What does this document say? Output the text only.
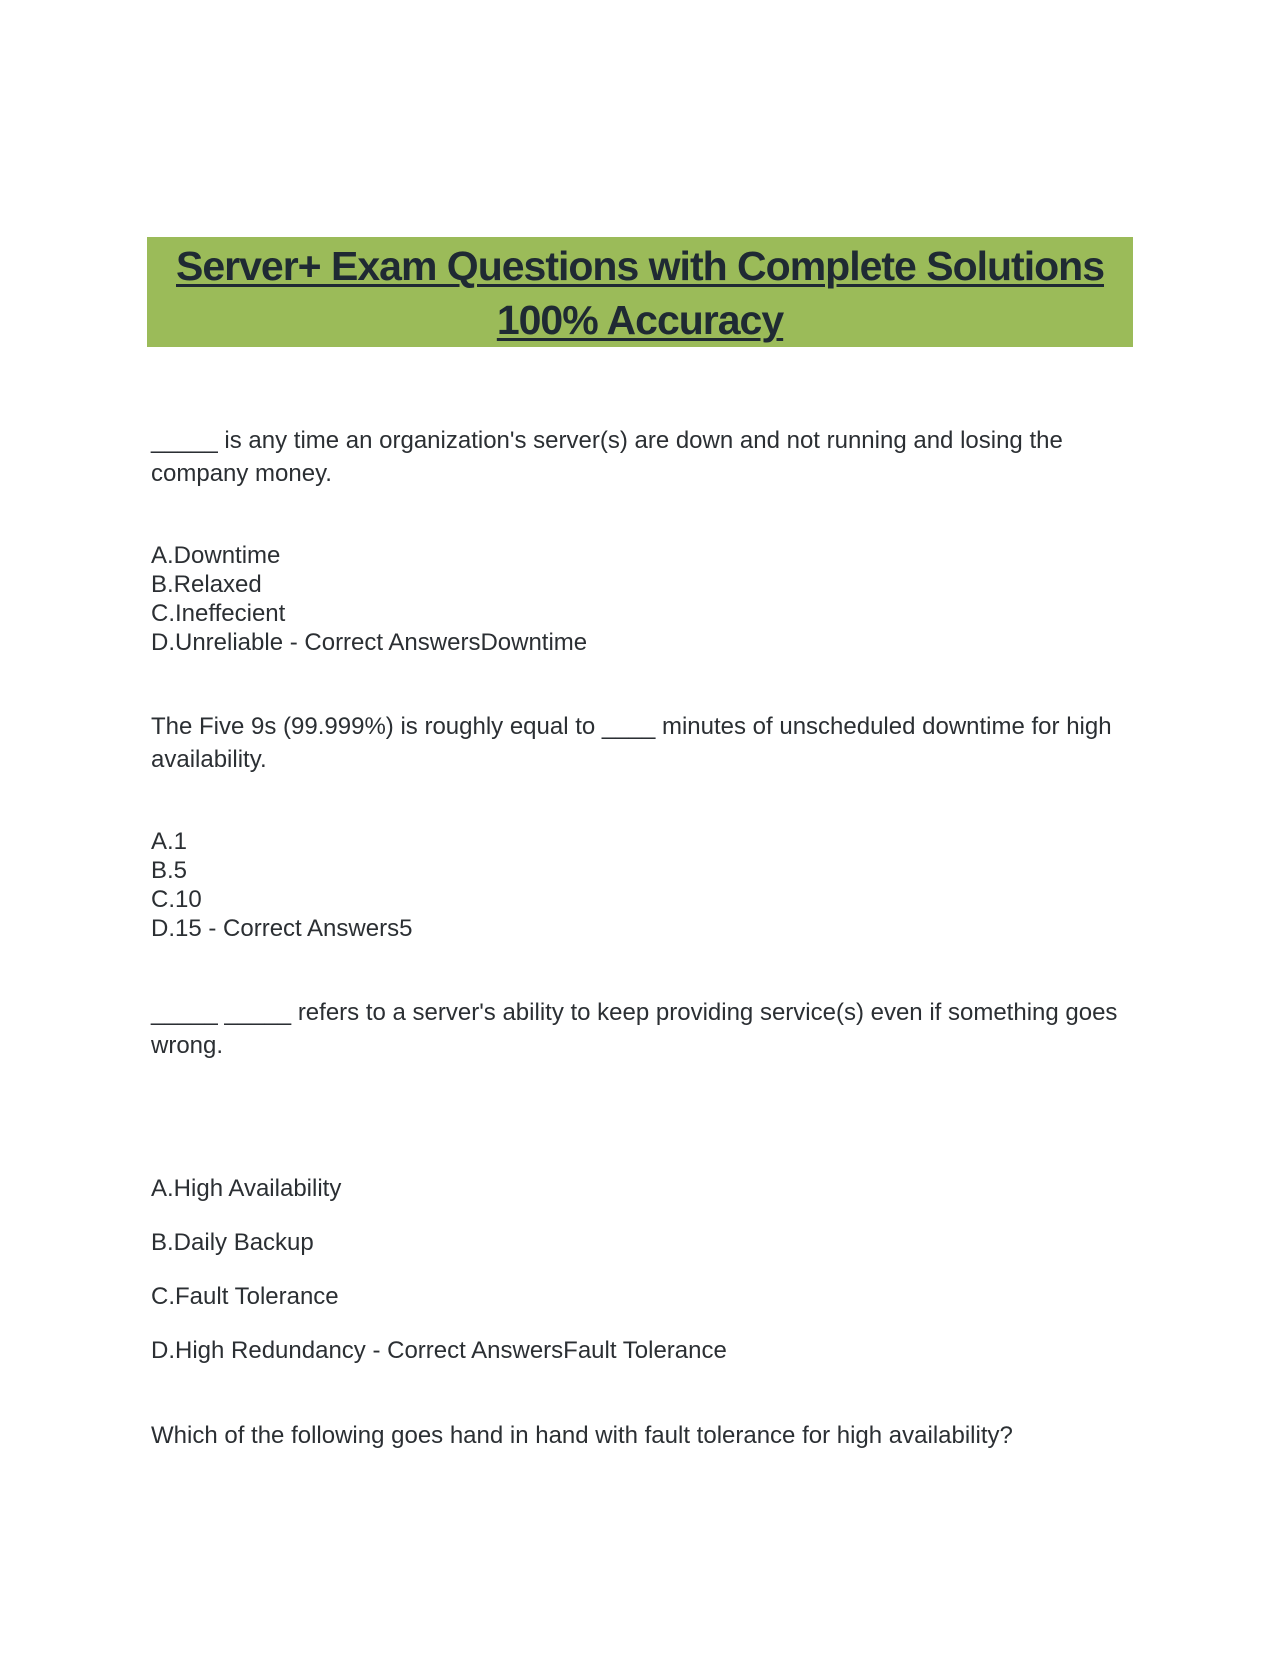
Server+ Exam Questions with Complete Solutions
100% Accuracy
_____ is any time an organization's server(s) are down and not running and losing the company money.
A.Downtime
B.Relaxed
C.Ineffecient
D.Unreliable - Correct AnswersDowntime
The Five 9s (99.999%) is roughly equal to ____ minutes of unscheduled downtime for high availability.
A.1
B.5
C.10
D.15 - Correct Answers5
_____ _____ refers to a server's ability to keep providing service(s) even if something goes wrong.
A.High Availability
B.Daily Backup
C.Fault Tolerance
D.High Redundancy - Correct AnswersFault Tolerance
Which of the following goes hand in hand with fault tolerance for high availability?
